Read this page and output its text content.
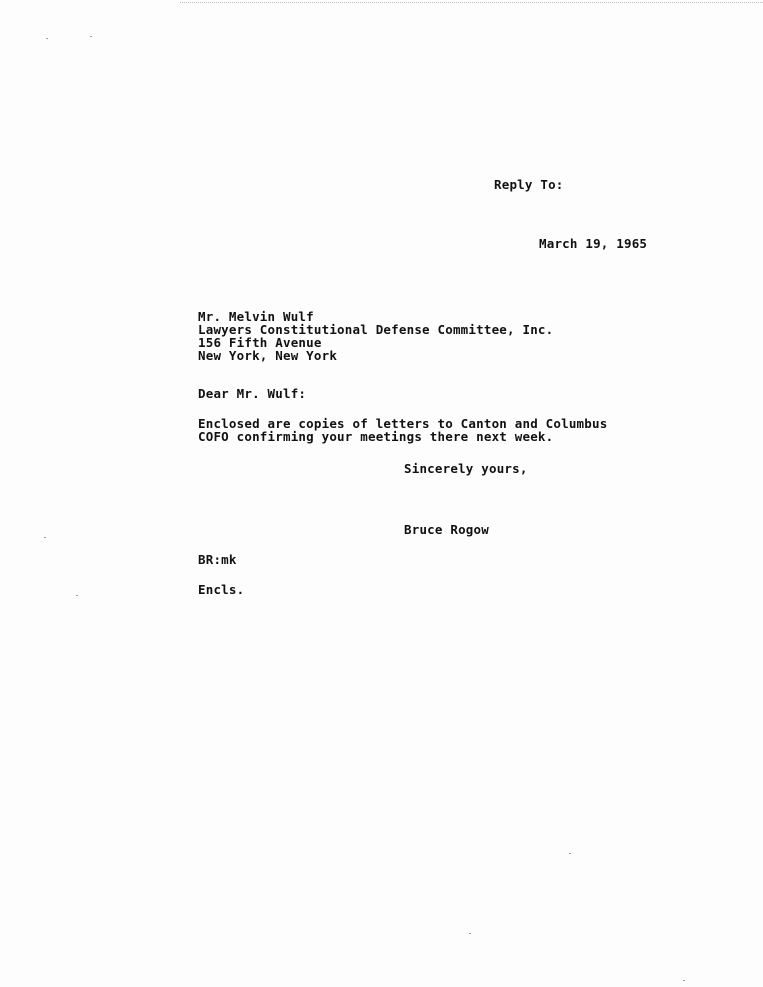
Reply To:
March 19, 1965
Mr. Melvin Wulf
Lawyers Constitutional Defense Committee, Inc.
156 Fifth Avenue
New York, New York
Dear Mr. Wulf:
Enclosed are copies of letters to Canton and Columbus
COFO confirming your meetings there next week.
Sincerely yours,
Bruce Rogow
BR:mk
Encls.
